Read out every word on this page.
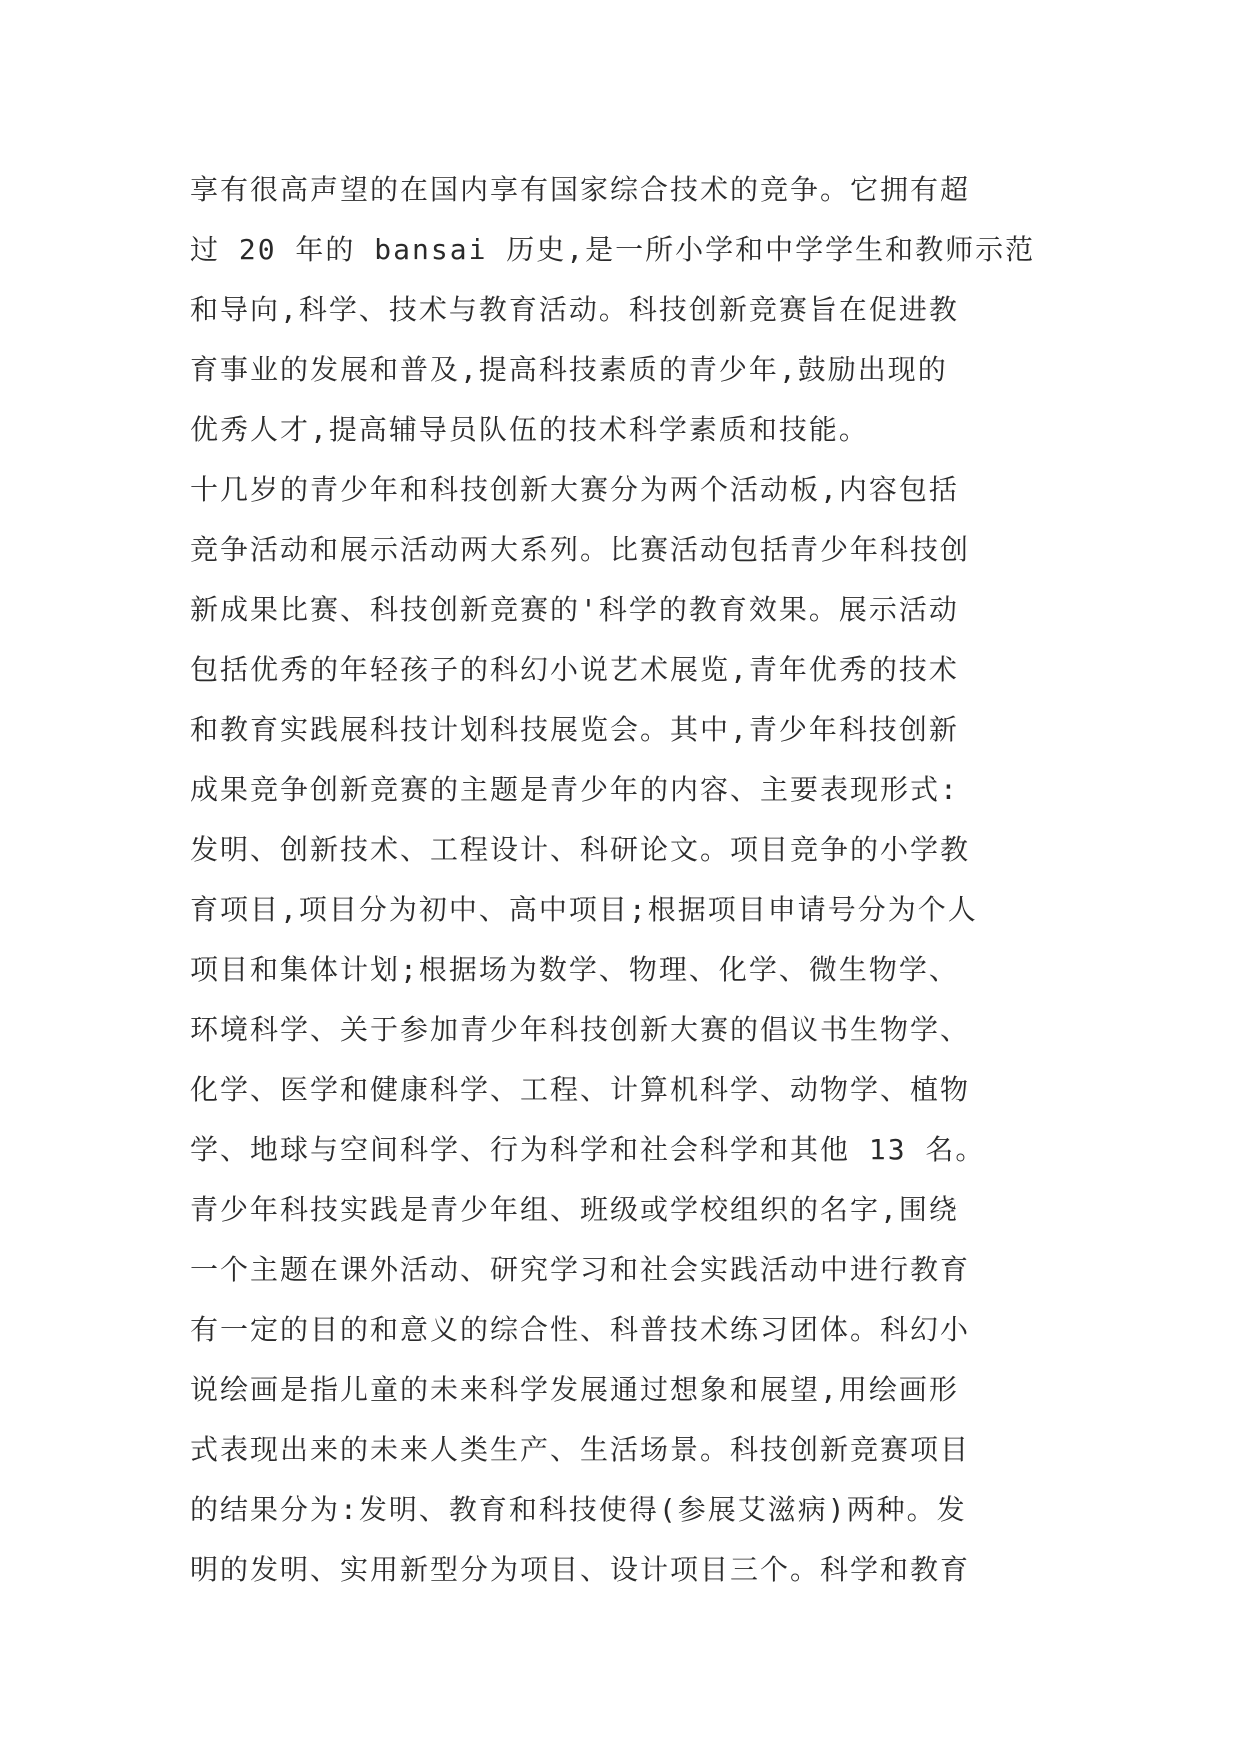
享有很高声望的在国内享有国家综合技术的竞争。它拥有超
过 20 年的 bansai 历史,是一所小学和中学学生和教师示范
和导向,科学、技术与教育活动。科技创新竞赛旨在促进教
育事业的发展和普及,提高科技素质的青少年,鼓励出现的
优秀人才,提高辅导员队伍的技术科学素质和技能。
十几岁的青少年和科技创新大赛分为两个活动板,内容包括
竞争活动和展示活动两大系列。比赛活动包括青少年科技创
新成果比赛、科技创新竞赛的'科学的教育效果。展示活动
包括优秀的年轻孩子的科幻小说艺术展览,青年优秀的技术
和教育实践展科技计划科技展览会。其中,青少年科技创新
成果竞争创新竞赛的主题是青少年的内容、主要表现形式:
发明、创新技术、工程设计、科研论文。项目竞争的小学教
育项目,项目分为初中、高中项目;根据项目申请号分为个人
项目和集体计划;根据场为数学、物理、化学、微生物学、
环境科学、关于参加青少年科技创新大赛的倡议书生物学、
化学、医学和健康科学、工程、计算机科学、动物学、植物
学、地球与空间科学、行为科学和社会科学和其他 13 名。
青少年科技实践是青少年组、班级或学校组织的名字,围绕
一个主题在课外活动、研究学习和社会实践活动中进行教育
有一定的目的和意义的综合性、科普技术练习团体。科幻小
说绘画是指儿童的未来科学发展通过想象和展望,用绘画形
式表现出来的未来人类生产、生活场景。科技创新竞赛项目
的结果分为:发明、教育和科技使得(参展艾滋病)两种。发
明的发明、实用新型分为项目、设计项目三个。科学和教育
